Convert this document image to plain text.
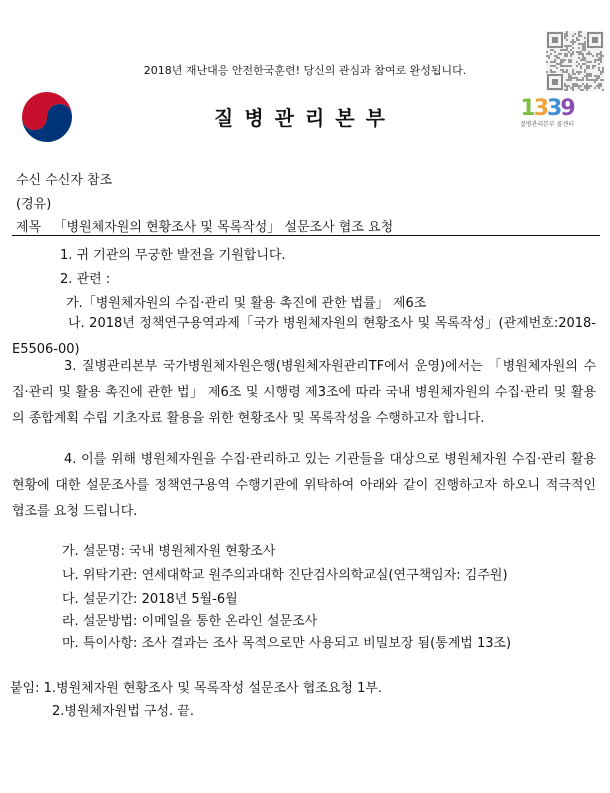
2018년 재난대응 안전한국훈련! 당신의 관심과 참여로 완성됩니다.
질병관리본부	1339
질병관리본부 콜센터
수신 수신자 참조
(경유)
제목 「병원체자원의 현황조사 및 목록작성」 설문조사 협조 요청
1. 귀 기관의 무궁한 발전을 기원합니다.
2. 관련 :
가.「병원체자원의 수집·관리 및 활용 촉진에 관한 법률」 제6조
나. 2018년 정책연구용역과제「국가 병원체자원의 현황조사 및 목록작성」(관제번호:2018-E5506-00)
3. 질병관리본부 국가병원체자원은행(병원체자원관리TF에서 운영)에서는 「병원체자원의 수집·관리 및 활용 촉진에 관한 법」 제6조 및 시행령 제3조에 따라 국내 병원체자원의 수집·관리 및 활용의 종합계획 수립 기초자료 활용을 위한 현황조사 및 목록작성을 수행하고자 합니다.
4. 이를 위해 병원체자원을 수집·관리하고 있는 기관들을 대상으로 병원체자원 수집·관리 활용 현황에 대한 설문조사를 정책연구용역 수행기관에 위탁하여 아래와 같이 진행하고자 하오니 적극적인 협조를 요청 드립니다.
가. 설문명: 국내 병원체자원 현황조사
나. 위탁기관: 연세대학교 원주의과대학 진단검사의학교실(연구책임자: 김주원)
다. 설문기간: 2018년 5월-6월
라. 설문방법: 이메일을 통한 온라인 설문조사
마. 특이사항: 조사 결과는 조사 목적으로만 사용되고 비밀보장 됨(통계법 13조)
붙임: 1.병원체자원 현황조사 및 목록작성 설문조사 협조요청 1부.
2.병원체자원법 구성. 끝.
